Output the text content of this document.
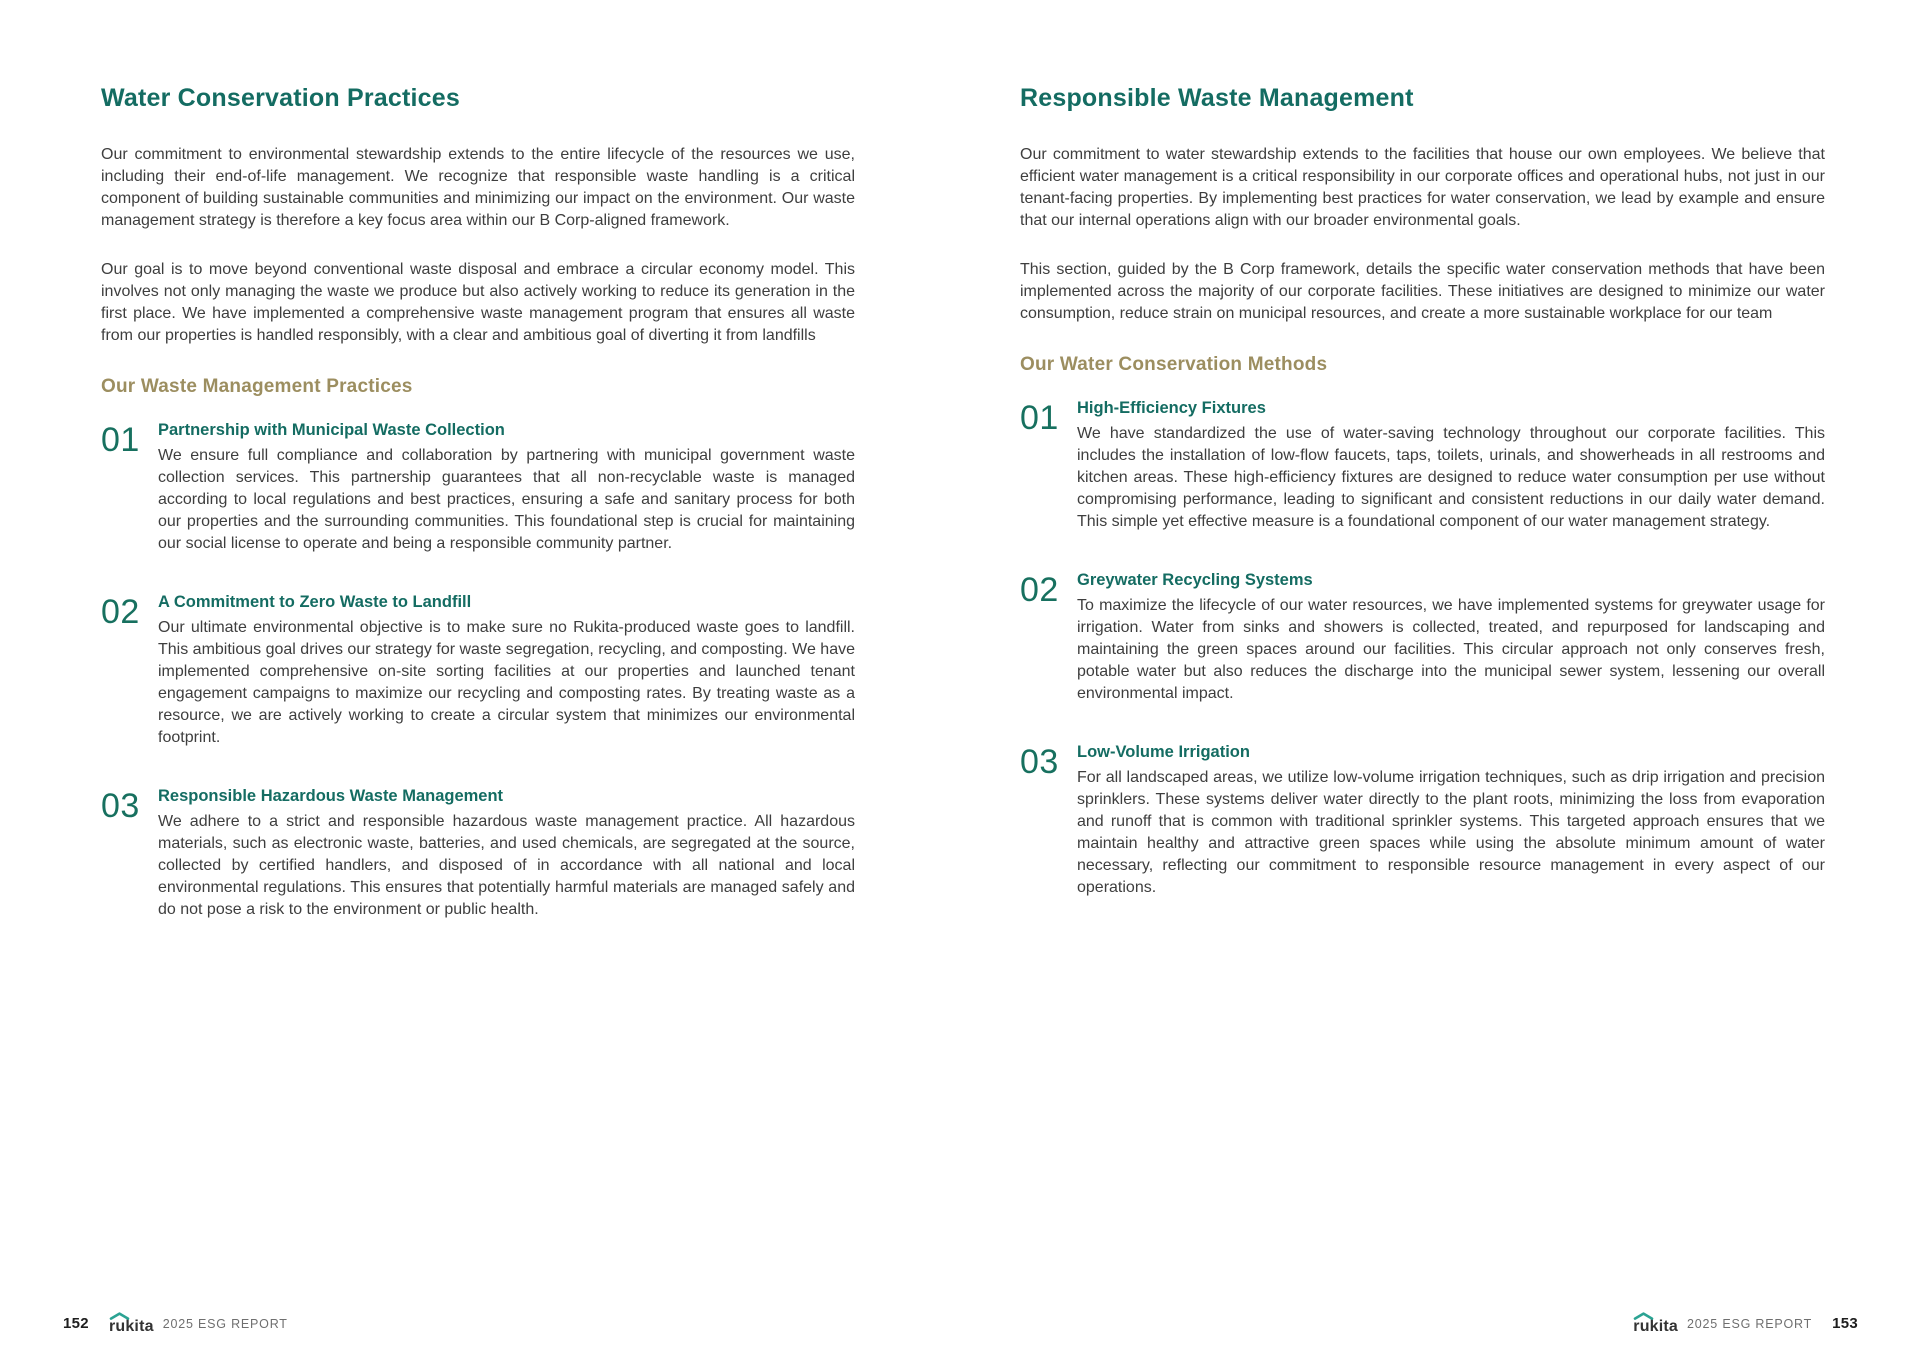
Water Conservation Practices

Our commitment to environmental stewardship extends to the entire lifecycle of the resources we use, including their end-of-life management. We recognize that responsible waste handling is a critical component of building sustainable communities and minimizing our impact on the environment. Our waste management strategy is therefore a key focus area within our B Corp-aligned framework.

Our goal is to move beyond conventional waste disposal and embrace a circular economy model. This involves not only managing the waste we produce but also actively working to reduce its generation in the first place. We have implemented a comprehensive waste management program that ensures all waste from our properties is handled responsibly, with a clear and ambitious goal of diverting it from landfills

Our Waste Management Practices
01	Partnership with Municipal Waste Collection
We ensure full compliance and collaboration by partnering with municipal government waste collection services. This partnership guarantees that all non-recyclable waste is managed according to local regulations and best practices, ensuring a safe and sanitary process for both our properties and the surrounding communities. This foundational step is crucial for maintaining our social license to operate and being a responsible community partner.
02	A Commitment to Zero Waste to Landfill
Our ultimate environmental objective is to make sure no Rukita-produced waste goes to landfill. This ambitious goal drives our strategy for waste segregation, recycling, and composting. We have implemented comprehensive on-site sorting facilities at our properties and launched tenant engagement campaigns to maximize our recycling and composting rates. By treating waste as a resource, we are actively working to create a circular system that minimizes our environmental footprint.
03	Responsible Hazardous Waste Management
We adhere to a strict and responsible hazardous waste management practice. All hazardous materials, such as electronic waste, batteries, and used chemicals, are segregated at the source, collected by certified handlers, and disposed of in accordance with all national and local environmental regulations. This ensures that potentially harmful materials are managed safely and do not pose a risk to the environment or public health.
Responsible Waste Management

Our commitment to water stewardship extends to the facilities that house our own employees. We believe that efficient water management is a critical responsibility in our corporate offices and operational hubs, not just in our tenant-facing properties. By implementing best practices for water conservation, we lead by example and ensure that our internal operations align with our broader environmental goals.

This section, guided by the B Corp framework, details the specific water conservation methods that have been implemented across the majority of our corporate facilities. These initiatives are designed to minimize our water consumption, reduce strain on municipal resources, and create a more sustainable workplace for our team

Our Water Conservation Methods
01	High-Efficiency Fixtures
We have standardized the use of water-saving technology throughout our corporate facilities. This includes the installation of low-flow faucets, taps, toilets, urinals, and showerheads in all restrooms and kitchen areas. These high-efficiency fixtures are designed to reduce water consumption per use without compromising performance, leading to significant and consistent reductions in our daily water demand. This simple yet effective measure is a foundational component of our water management strategy.
02	Greywater Recycling Systems
To maximize the lifecycle of our water resources, we have implemented systems for greywater usage for irrigation. Water from sinks and showers is collected, treated, and repurposed for landscaping and maintaining the green spaces around our facilities. This circular approach not only conserves fresh, potable water but also reduces the discharge into the municipal sewer system, lessening our overall environmental impact.
03	Low-Volume Irrigation
For all landscaped areas, we utilize low-volume irrigation techniques, such as drip irrigation and precision sprinklers. These systems deliver water directly to the plant roots, minimizing the loss from evaporation and runoff that is common with traditional sprinkler systems. This targeted approach ensures that we maintain healthy and attractive green spaces while using the absolute minimum amount of water necessary, reflecting our commitment to responsible resource management in every aspect of our operations.
152 rukita 2025 ESG REPORT	rukita 2025 ESG REPORT 153
